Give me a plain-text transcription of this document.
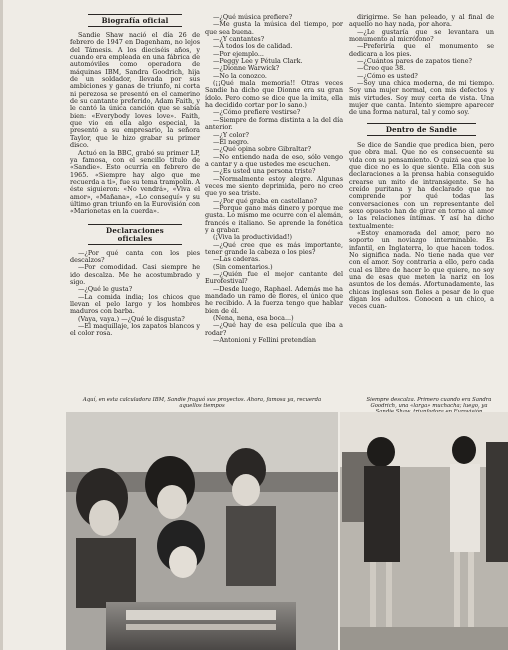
Biografía oficial

Sandie Shaw nació el día 26 de febrero de 1947 en Dagenham, no lejos del Támesis. A los dieciséis años, y cuando era empleada en una fábrica de automóviles como operadora de máquinas IBM, Sandra Goodrich, hija de un soldador, llevada por sus ambiciones y ganas de triunfo, ni corta ni perezosa se presentó en el camerino de su cantante preferido, Adam Faith, y le cantó la única canción que se sabía bien: «Everybody loves love». Faith, que vio en ella algo especial, la presentó a su empresario, la señora Taylor, que le hizo grabar su primer disco.

Actuó en la BBC, grabó su primer LP, ya famosa, con el sencillo título de «Sandie». Esto ocurría en febrero de 1965. «Siempre hay algo que me recuerda a ti», fue su tema trampolín. A éste siguieron: «No vendrá», «Viva el amor», «Mañana», «Lo conseguí» y su último gran triunfo en la Eurovisión con «Marionetas en la cuerda».

Declaraciones oficiales

—¿Por qué canta con los pies descalzos?

—Por comodidad. Casi siempre he ido descalza. Me he acostumbrado y sigo.

—¿Qué le gusta?

—La comida india; los chicos que llevan el pelo largo y los hombres maduros con barba.

(Vaya, vaya.) —¿Qué le disgusta?

—El maquillaje, los zapatos blancos y el color rosa.

—¿Qué música prefiere?

—Me gusta la música del tiempo, por que sea buena.

—¿Y cantantes?

—A todos los de calidad.

—Por ejemplo...

—Peggy Lee y Pétula Clark.

—¿Dionne Warwick?

—No la conozco.

(¡¡Qué mala memoria!! Otras veces Sandie ha dicho que Dionne era su gran ídolo. Pero como se dice que la imita, ella ha decidido cortar por lo sano.)

—¿Cómo prefiere vestirse?

—Siempre de forma distinta a la del día anterior.

—¿Y color?

—El negro.

—¿Qué opina sobre Gibraltar?

—No entiendo nada de eso, sólo vengo a cantar y a que ustedes me escuchen.

—¿Es usted una persona triste?

—Normalmente estoy alegre. Algunas veces me siento deprimida, pero no creo que yo sea triste.

—¿Por qué graba en castellano?

—Porque gano más dinero y porque me gusta. Lo mismo me ocurre con el alemán, francés e italiano. Se aprende la fonética y a grabar.

(¡Viva la productividad!)

—¿Qué cree que es más importante, tener grande la cabeza o los pies?

—Las caderas.

(Sin comentarios.)

—¿Quién fue el mejor cantante del Eurofestival?

—Desde luego, Raphael. Además me ha mandado un ramo de flores, el único que he recibido. A la fuerza tengo que hablar bien de él.

(Nena, nena, esa boca...)

—¿Qué hay de esa película que iba a rodar?

—Antonioni y Fellini pretendían

dirigirme. Se han peleado, y al final de aquello no hay nada, por ahora.

—¿Le gustaría que se levantara un monumento al micrófono?

—Preferiría que el monumento se dedicara a los pies.

—¿Cuántos pares de zapatos tiene?

—Creo que 38.

—¿Cómo es usted?

—Soy una chica moderna, de mi tiempo. Soy una mujer normal, con mis defectos y mis virtudes. Soy muy certa de vista. Una mujer que canta. Intento siempre aparecer de una forma natural, tal y como soy.

Dentro de Sandie

Se dice de Sandie que predica bien, pero que obra mal. Que no es consecuente su vida con su pensamiento. O quizá sea que lo que dice no es lo que siente. Ella con sus declaraciones a la prensa habia conseguido crearse un mito de intransigente. Se ha creído puritana y ha declarado que no comprende por qué todas las conversaciones con un representante del sexo opuesto han de girar en torno al amor o las relaciones íntimas. Y así ha dicho textualmente:

«Estoy enamorada del amor, pero no soporto un noviazgo interminable. Es infantil, en Inglaterra, lo que hacen todos. No significa nada. No tiene nada que ver con el amor. Soy contraria a ello, pero cada cual es libre de hacer lo que quiere, no soy una de esas que meten la nariz en los asuntos de los demás. Afortunadamente, las chicas inglesas son fieles a pesar de lo que digan los adultos. Conocen a un chico, a veces cuan-

Aquí, en esta calculadora IBM, Sandie fraguó sus proyectos. Ahora, famosa ya, recuerda aquellos tiempos
Siempre descalza. Primero cuando era Sandra Goodrich, una «larga» muchacha; luego, ya
